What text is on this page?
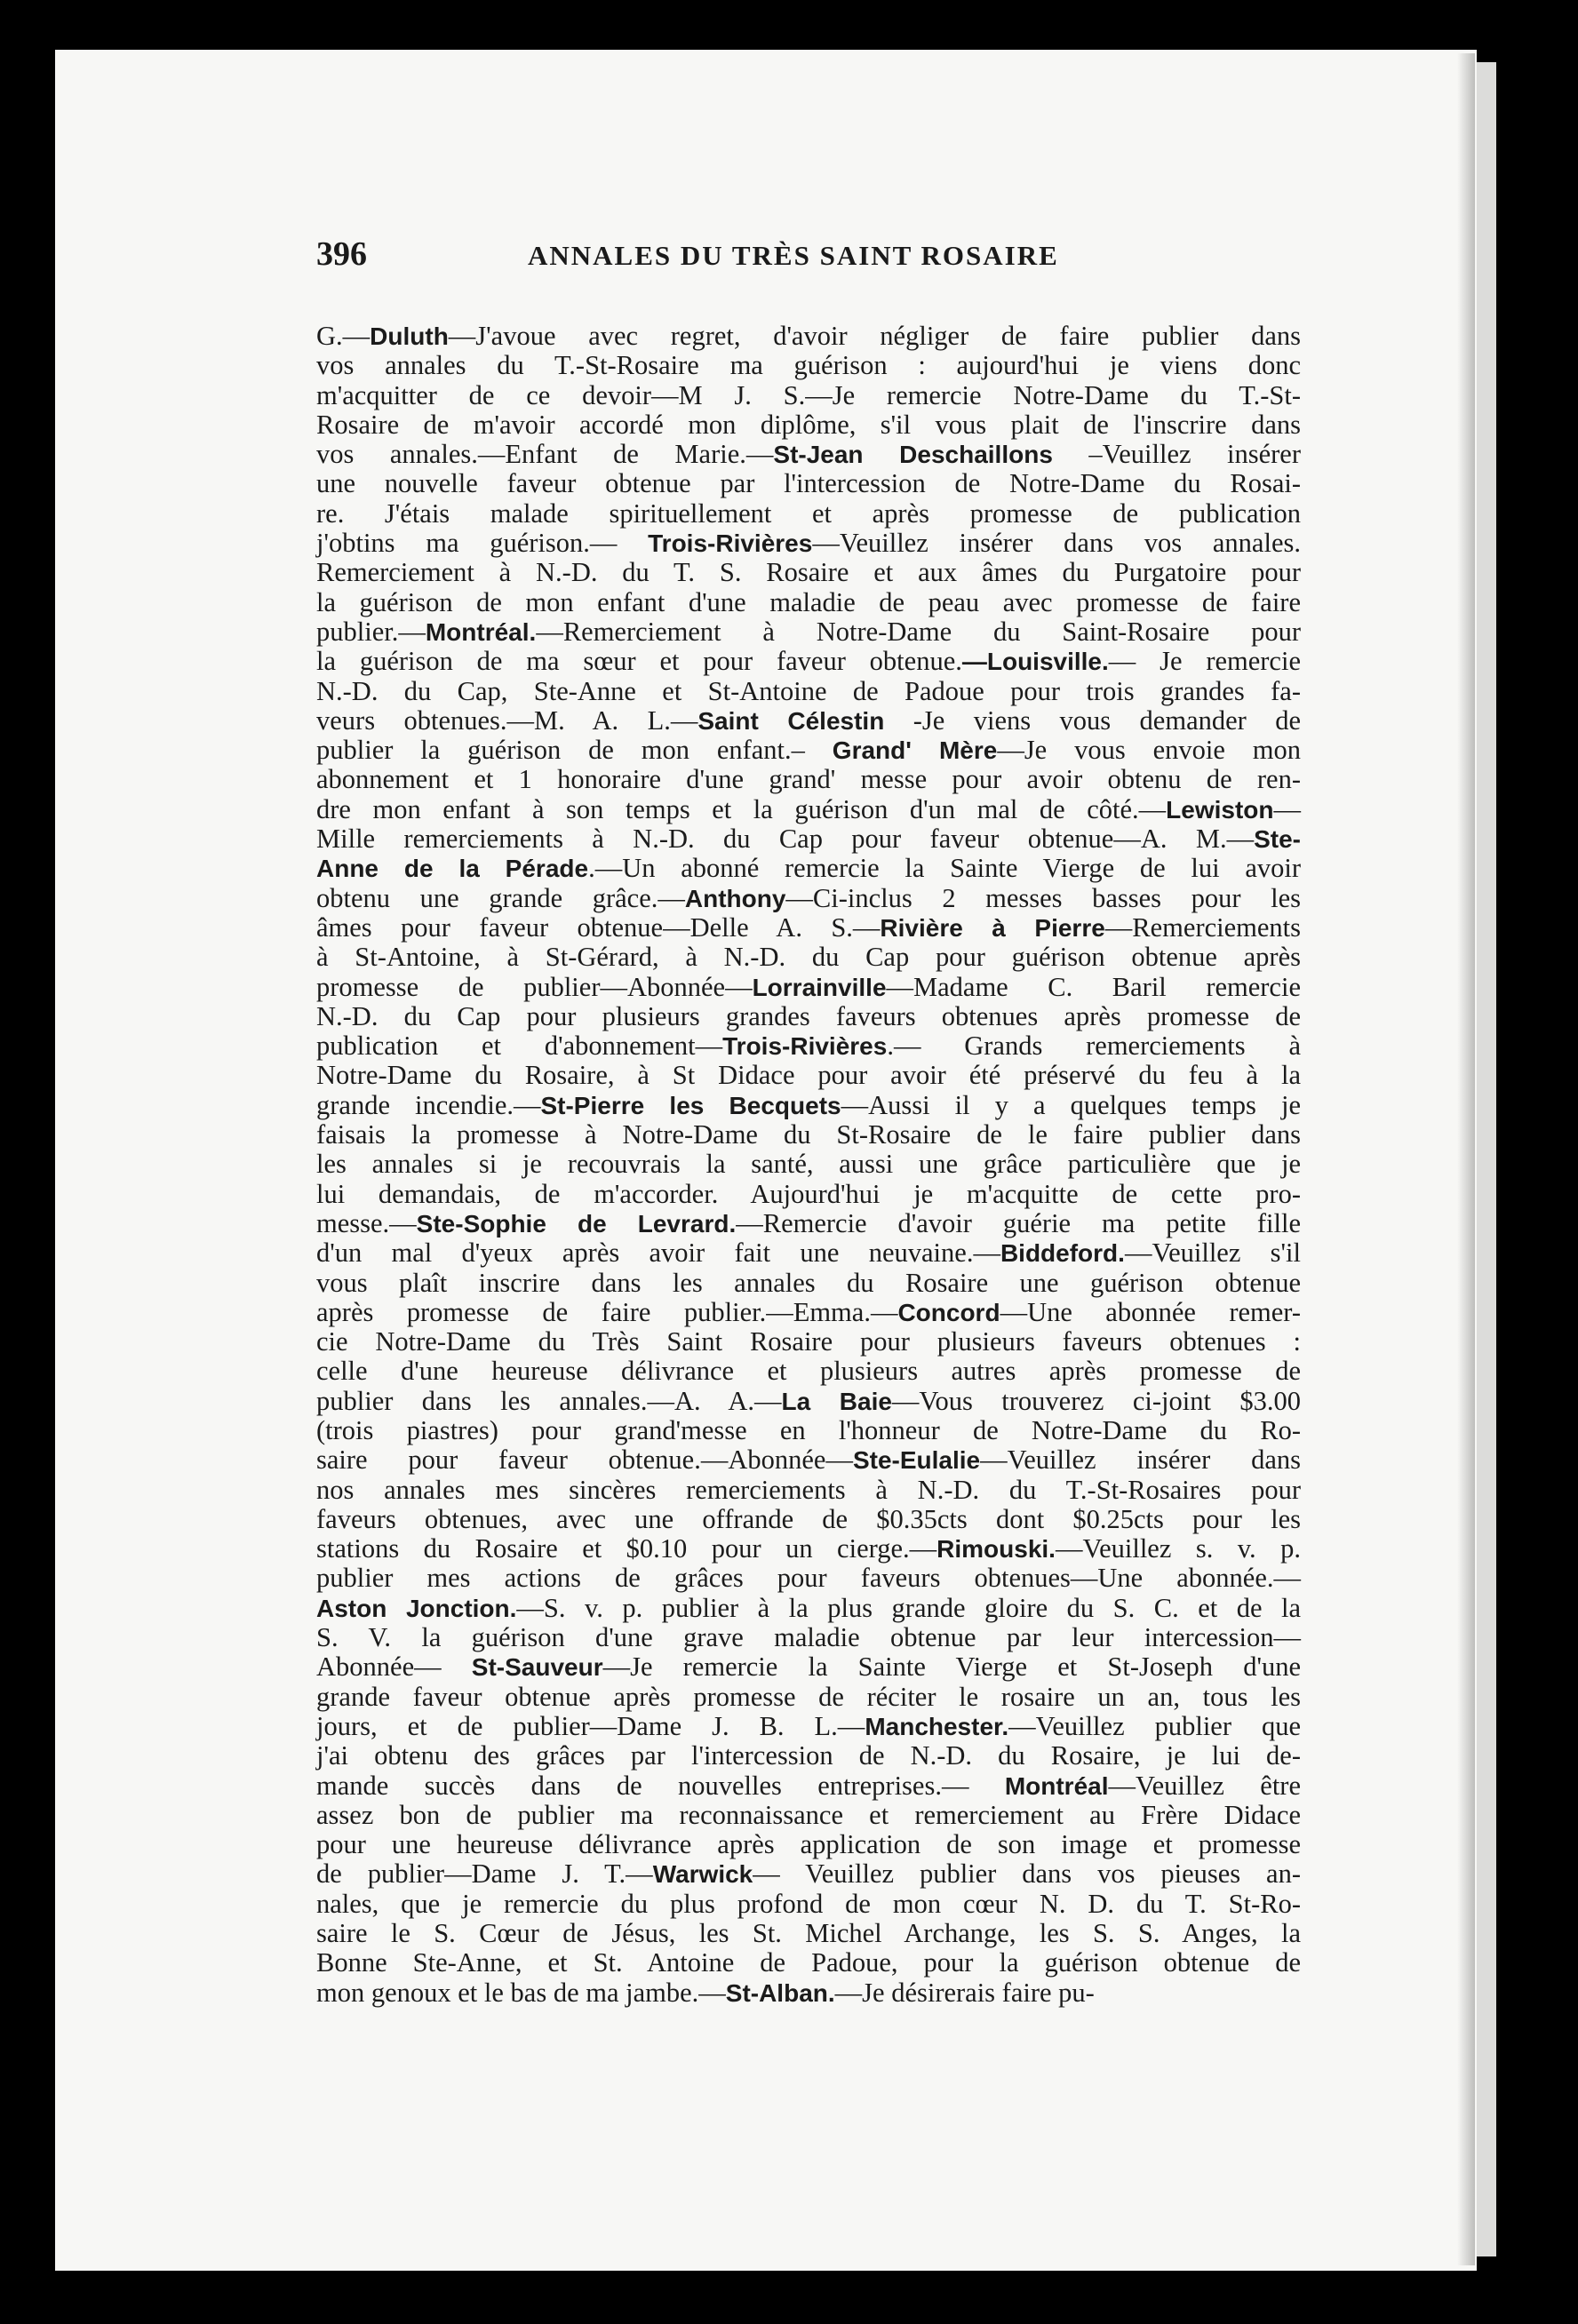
396	ANNALES DU TRÈS SAINT ROSAIRE
G.—Duluth—J'avoue avec regret, d'avoir négliger de faire publier dans
vos annales du T.-St-Rosaire ma guérison : aujourd'hui je viens donc
m'acquitter de ce devoir—M J. S.—Je remercie Notre-Dame du T.-St-
Rosaire de m'avoir accordé mon diplôme, s'il vous plait de l'inscrire dans
vos annales.—Enfant de Marie.—St-Jean Deschaillons –Veuillez insérer
une nouvelle faveur obtenue par l'intercession de Notre-Dame du Rosai-
re. J'étais malade spirituellement et après promesse de publication
j'obtins ma guérison.— Trois-Rivières—Veuillez insérer dans vos annales.
Remerciement à N.-D. du T. S. Rosaire et aux âmes du Purgatoire pour
la guérison de mon enfant d'une maladie de peau avec promesse de faire
publier.—Montréal.—Remerciement à Notre-Dame du Saint-Rosaire pour
la guérison de ma sœur et pour faveur obtenue.—Louisville.— Je remercie
N.-D. du Cap, Ste-Anne et St-Antoine de Padoue pour trois grandes fa-
veurs obtenues.—M. A. L.—Saint Célestin -Je viens vous demander de
publier la guérison de mon enfant.– Grand' Mère—Je vous envoie mon
abonnement et 1 honoraire d'une grand' messe pour avoir obtenu de ren-
dre mon enfant à son temps et la guérison d'un mal de côté.—Lewiston—
Mille remerciements à N.-D. du Cap pour faveur obtenue—A. M.—Ste-
Anne de la Pérade.—Un abonné remercie la Sainte Vierge de lui avoir
obtenu une grande grâce.—Anthony—Ci-inclus 2 messes basses pour les
âmes pour faveur obtenue—Delle A. S.—Rivière à Pierre—Remerciements
à St-Antoine, à St-Gérard, à N.-D. du Cap pour guérison obtenue après
promesse de publier—Abonnée—Lorrainville—Madame C. Baril remercie
N.-D. du Cap pour plusieurs grandes faveurs obtenues après promesse de
publication et d'abonnement—Trois-Rivières.— Grands remerciements à
Notre-Dame du Rosaire, à St Didace pour avoir été préservé du feu à la
grande incendie.—St-Pierre les Becquets—Aussi il y a quelques temps je
faisais la promesse à Notre-Dame du St-Rosaire de le faire publier dans
les annales si je recouvrais la santé, aussi une grâce particulière que je
lui demandais, de m'accorder. Aujourd'hui je m'acquitte de cette pro-
messe.—Ste-Sophie de Levrard.—Remercie d'avoir guérie ma petite fille
d'un mal d'yeux après avoir fait une neuvaine.—Biddeford.—Veuillez s'il
vous plaît inscrire dans les annales du Rosaire une guérison obtenue
après promesse de faire publier.—Emma.—Concord—Une abonnée remer-
cie Notre-Dame du Très Saint Rosaire pour plusieurs faveurs obtenues :
celle d'une heureuse délivrance et plusieurs autres après promesse de
publier dans les annales.—A. A.—La Baie—Vous trouverez ci-joint $3.00
(trois piastres) pour grand'messe en l'honneur de Notre-Dame du Ro-
saire pour faveur obtenue.—Abonnée—Ste-Eulalie—Veuillez insérer dans
nos annales mes sincères remerciements à N.-D. du T.-St-Rosaires pour
faveurs obtenues, avec une offrande de $0.35cts dont $0.25cts pour les
stations du Rosaire et $0.10 pour un cierge.—Rimouski.—Veuillez s. v. p.
publier mes actions de grâces pour faveurs obtenues—Une abonnée.—
Aston Jonction.—S. v. p. publier à la plus grande gloire du S. C. et de la
S. V. la guérison d'une grave maladie obtenue par leur intercession—
Abonnée— St-Sauveur—Je remercie la Sainte Vierge et St-Joseph d'une
grande faveur obtenue après promesse de réciter le rosaire un an, tous les
jours, et de publier—Dame J. B. L.—Manchester.—Veuillez publier que
j'ai obtenu des grâces par l'intercession de N.-D. du Rosaire, je lui de-
mande succès dans de nouvelles entreprises.— Montréal—Veuillez être
assez bon de publier ma reconnaissance et remerciement au Frère Didace
pour une heureuse délivrance après application de son image et promesse
de publier—Dame J. T.—Warwick— Veuillez publier dans vos pieuses an-
nales, que je remercie du plus profond de mon cœur N. D. du T. St-Ro-
saire le S. Cœur de Jésus, les St. Michel Archange, les S. S. Anges, la
Bonne Ste-Anne, et St. Antoine de Padoue, pour la guérison obtenue de
mon genoux et le bas de ma jambe.—St-Alban.—Je désirerais faire pu-
